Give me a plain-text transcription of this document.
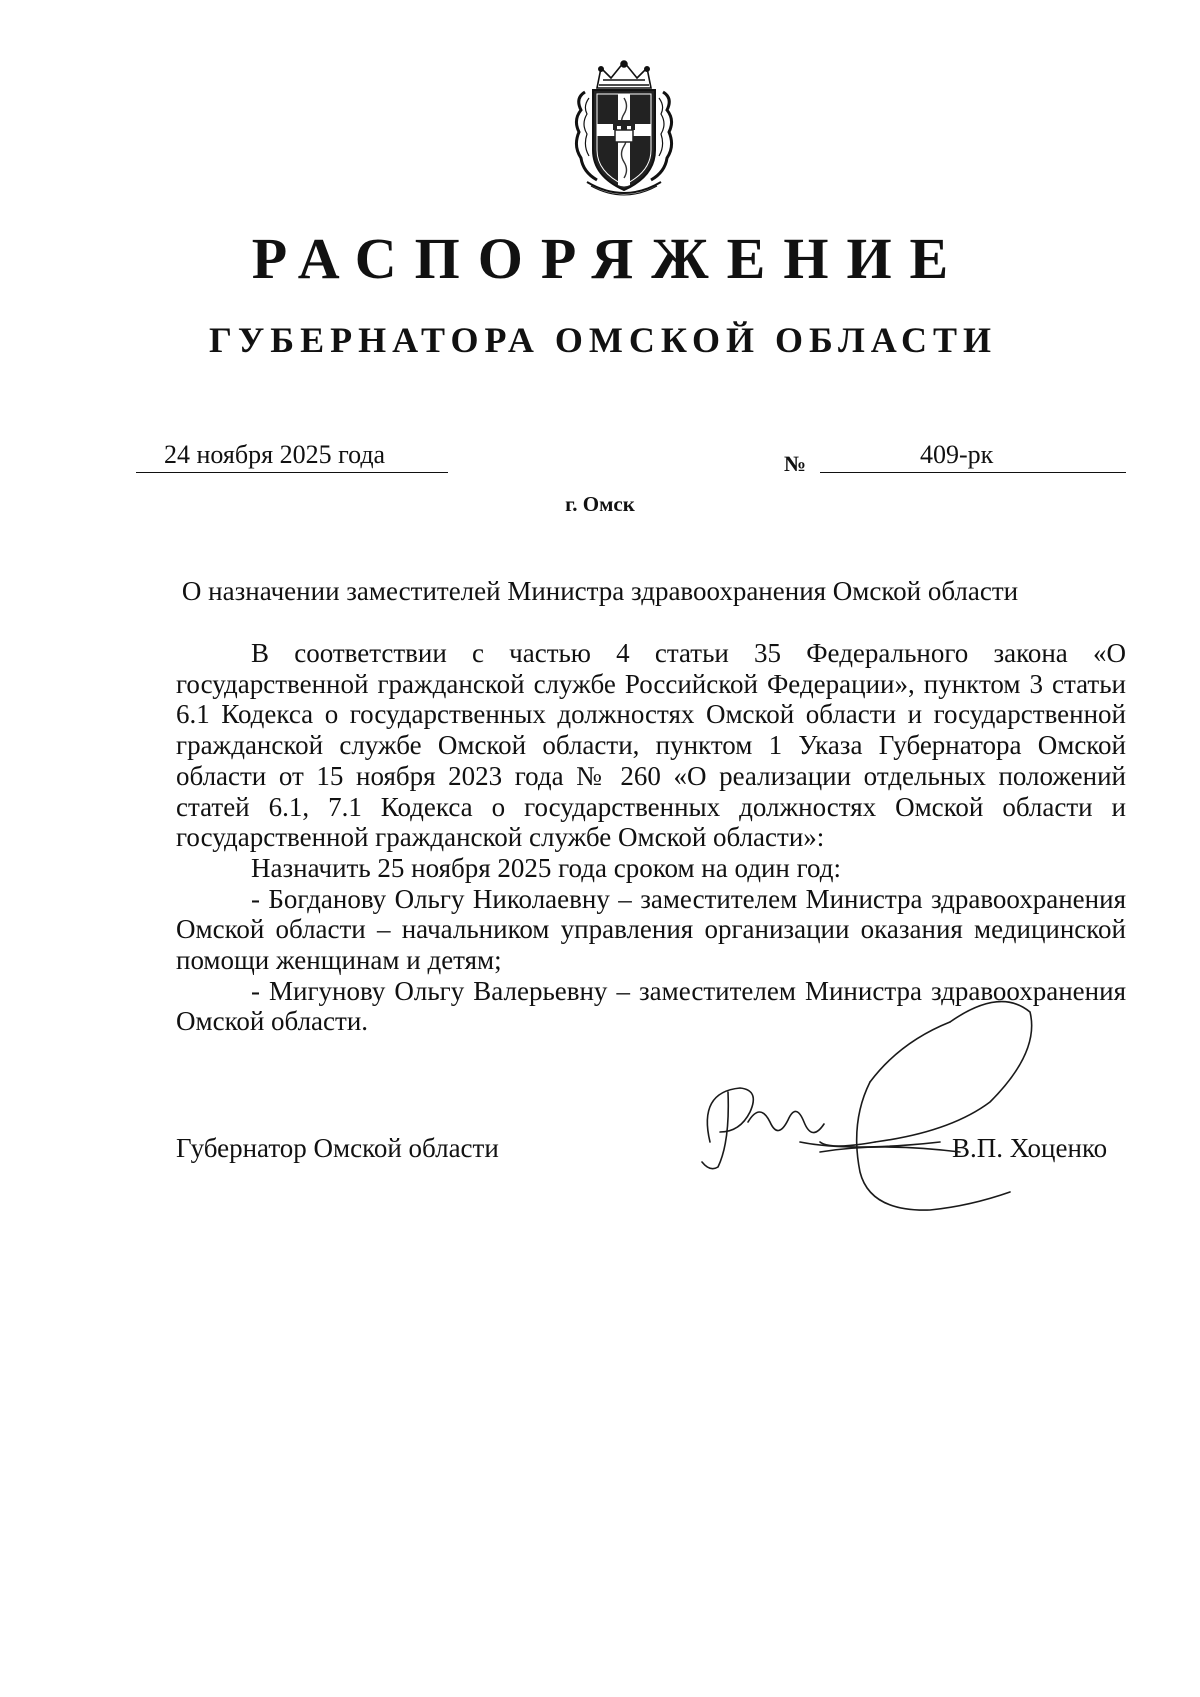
РАСПОРЯЖЕНИЕ
ГУБЕРНАТОРА ОМСКОЙ ОБЛАСТИ
24 ноября 2025 года	№	409-рк
г. Омск
О назначении заместителей Министра здравоохранения Омской области

В соответствии с частью 4 статьи 35 Федерального закона «О государственной гражданской службе Российской Федерации», пунктом 3 статьи 6.1 Кодекса о государственных должностях Омской области и государственной гражданской службе Омской области, пунктом 1 Указа Губернатора Омской области от 15 ноября 2023 года № 260 «О реализации отдельных положений статей 6.1, 7.1 Кодекса о государственных должностях Омской области и государственной гражданской службе Омской области»:

Назначить 25 ноября 2025 года сроком на один год:

- Богданову Ольгу Николаевну – заместителем Министра здравоохранения Омской области – начальником управления организации оказания медицинской помощи женщинам и детям;

- Мигунову Ольгу Валерьевну – заместителем Министра здравоохранения Омской области.

Губернатор Омской области	В.П. Хоценко
